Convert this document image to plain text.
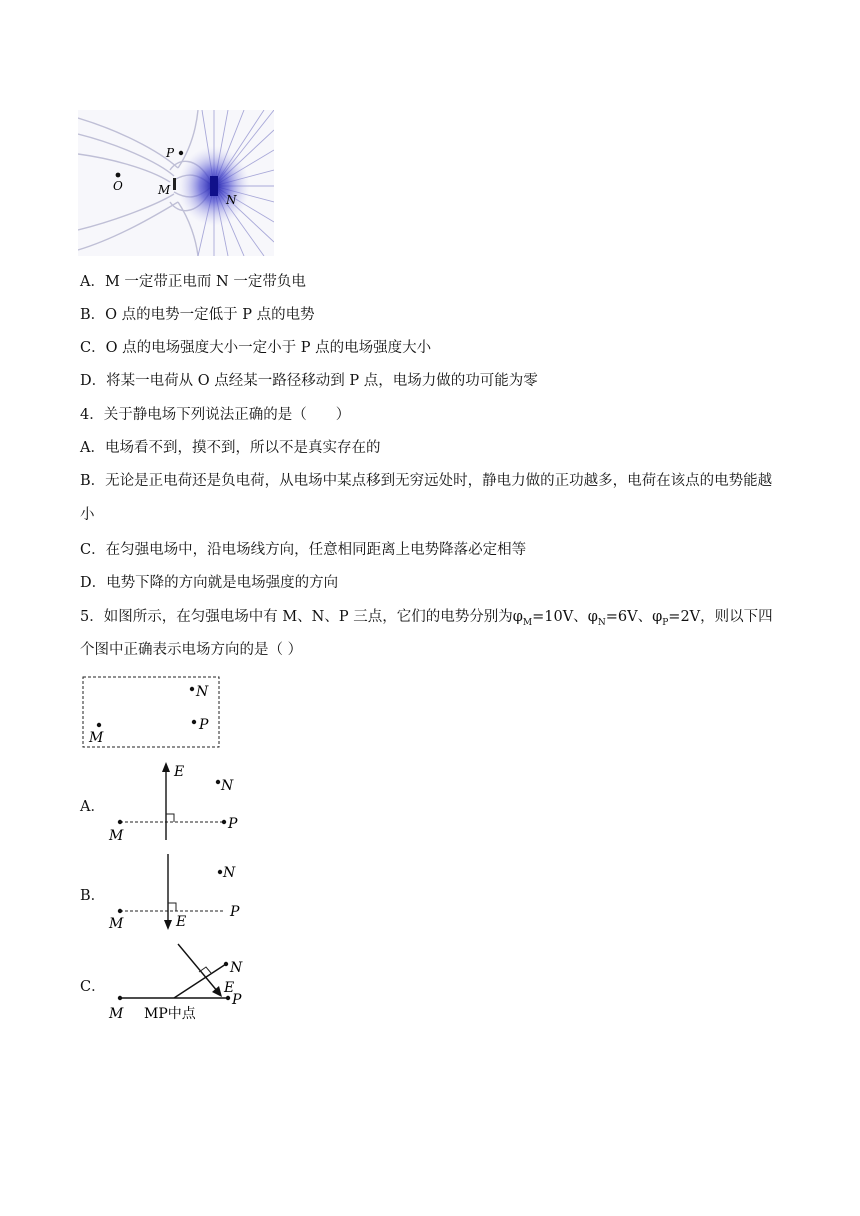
O
P
M
N
A．M 一定带正电而 N 一定带负电
B．O 点的电势一定低于 P 点的电势
C．O 点的电场强度大小一定小于 P 点的电场强度大小
D．将某一电荷从 O 点经某一路径移动到 P 点，电场力做的功可能为零
4．关于静电场下列说法正确的是（　　）
A．电场看不到，摸不到，所以不是真实存在的
B．无论是正电荷还是负电荷，从电场中某点移到无穷远处时，静电力做的正功越多，电荷在该点的电势能越小
C．在匀强电场中，沿电场线方向，任意相同距离上电势降落必定相等
D．电势下降的方向就是电场强度的方向
5．如图所示，在匀强电场中有 M、N、P 三点，它们的电势分别为$\varphi_M=10V$、$\varphi_N=6V$、$\varphi_P=2V$，则以下四
个图中正确表示电场方向的是（ ）
N
P
M
A．
E
N
P
M
B．
N
P
E
M
C．
N
E
P
M MP中点
